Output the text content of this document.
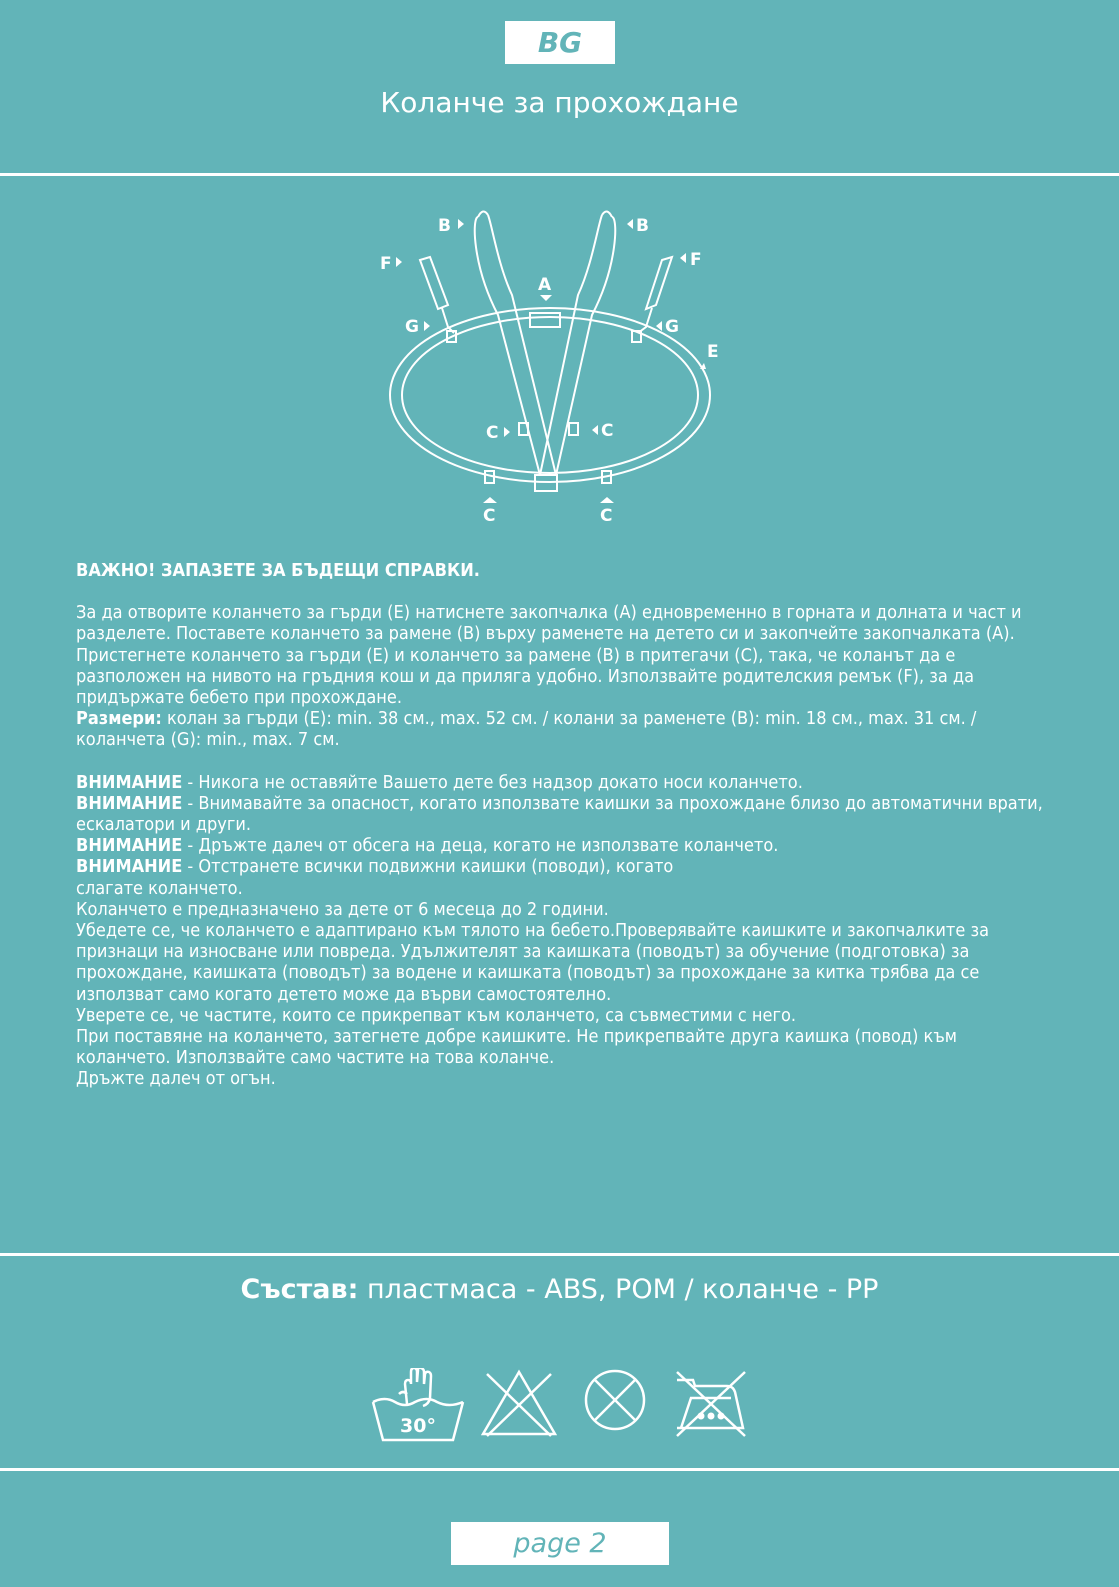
BG
Коланче за прохождане
B	B
F	F
A
G	G
E
C	C
C	C

ВАЖНО! ЗАПАЗЕТЕ ЗА БЪДЕЩИ СПРАВКИ.

За да отворите коланчето за гърди (E) натиснете закопчалка (A) едновременно в горната и долната и част и разделете. Поставете коланчето за рамене (B) върху раменете на детето си и закопчейте закопчалката (A). Пристегнете коланчето за гърди (E) и коланчето за рамене (B) в притегачи (C), така, че коланът да е разположен на нивото на гръдния кош и да приляга удобно. Използвайте родителския ремък (F), за да придържате бебето при прохождане.
Размери: колан за гърди (E): min. 38 см., max. 52 см. / колани за раменете (B): min. 18 см., max. 31 см. / коланчета (G): min., max. 7 см.

ВНИМАНИЕ - Никога не оставяйте Вашето дете без надзор докато носи коланчето.

ВНИМАНИЕ - Внимавайте за опасност, когато използвате каишки за прохождане близо до автоматични врати, ескалатори и други.

ВНИМАНИЕ - Дръжте далеч от обсега на деца, когато не използвате коланчето.

ВНИМАНИЕ - Отстранете всички подвижни каишки (поводи), когато слагате коланчето.

Коланчето е предназначено за дете от 6 месеца до 2 години.

Убедете се, че коланчето е адаптирано към тялото на бебето.Проверявайте каишките и закопчалките за признаци на износване или повреда. Удължителят за каишката (поводът) за обучение (подготовка) за прохождане, каишката (поводът) за водене и каишката (поводът) за прохождане за китка трябва да се използват само когато детето може да върви самостоятелно.

Уверете се, че частите, които се прикрепват към коланчето, са съвместими с него.

При поставяне на коланчето, затегнете добре каишките. Не прикрепвайте друга каишка (повод) към коланчето. Използвайте само частите на това коланче.

Дръжте далеч от огън.

Състав: пластмаса - ABS, POM / коланче - PP
30°
page 2
